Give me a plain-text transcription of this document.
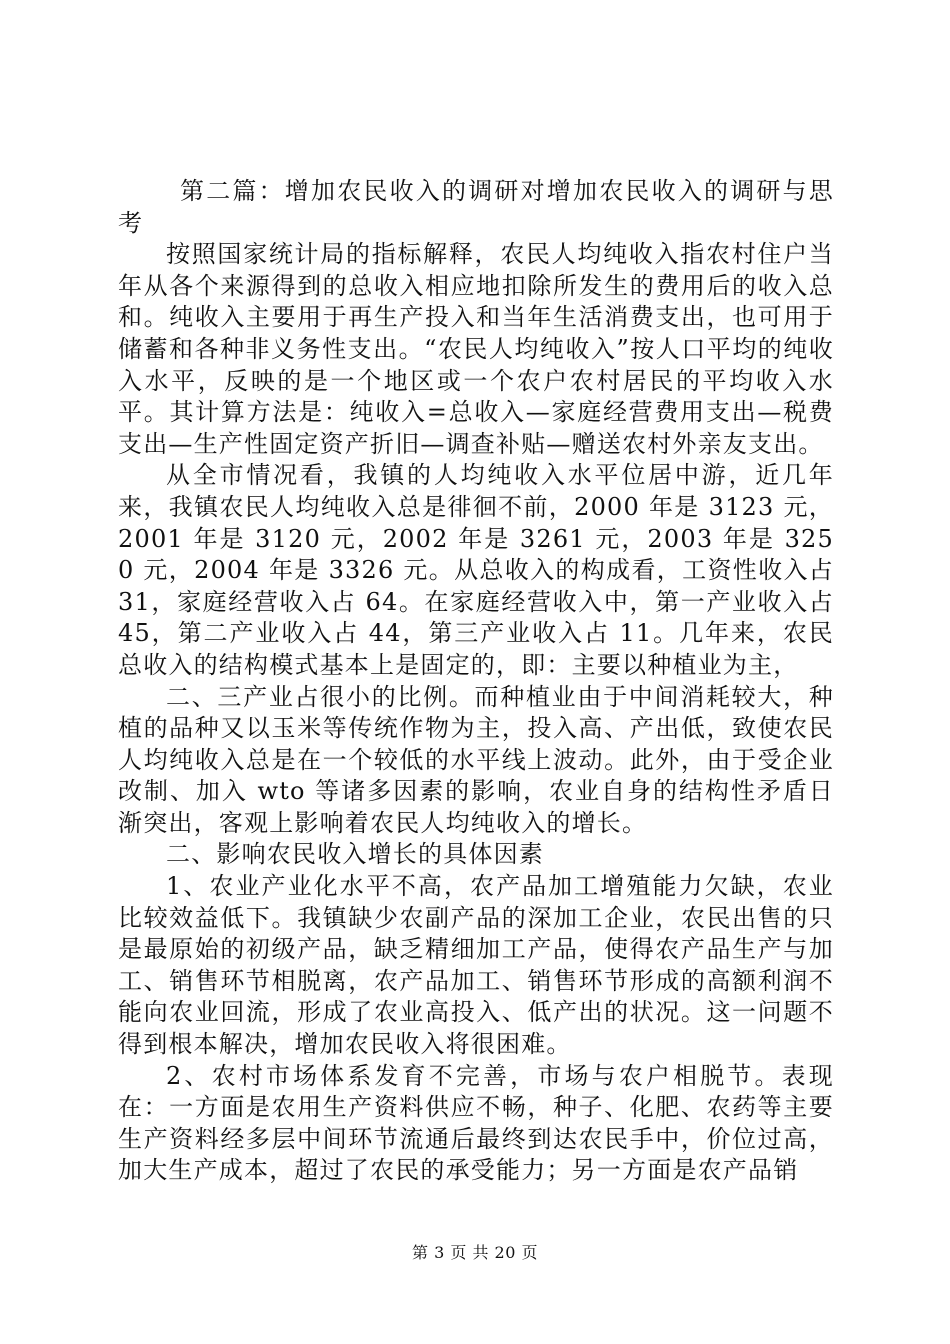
第二篇：增加农民收入的调研对增加农民收入的调研与思考

按照国家统计局的指标解释，农民人均纯收入指农村住户当年从各个来源得到的总收入相应地扣除所发生的费用后的收入总和。纯收入主要用于再生产投入和当年生活消费支出，也可用于储蓄和各种非义务性支出。“农民人均纯收入”按人口平均的纯收入水平，反映的是一个地区或一个农户农村居民的平均收入水平。其计算方法是：纯收入=总收入—家庭经营费用支出—税费支出—生产性固定资产折旧—调查补贴—赠送农村外亲友支出。

从全市情况看，我镇的人均纯收入水平位居中游，近几年来，我镇农民人均纯收入总是徘徊不前，2000 年是 3123 元，2001 年是 3120 元，2002 年是 3261 元，2003 年是 3250 元，2004 年是 3326 元。从总收入的构成看，工资性收入占 31，家庭经营收入占 64。在家庭经营收入中，第一产业收入占 45，第二产业收入占 44，第三产业收入占 11。几年来，农民总收入的结构模式基本上是固定的，即：主要以种植业为主，

二、三产业占很小的比例。而种植业由于中间消耗较大，种植的品种又以玉米等传统作物为主，投入高、产出低，致使农民人均纯收入总是在一个较低的水平线上波动。此外，由于受企业改制、加入 wto 等诸多因素的影响，农业自身的结构性矛盾日渐突出，客观上影响着农民人均纯收入的增长。

二、影响农民收入增长的具体因素

1、农业产业化水平不高，农产品加工增殖能力欠缺，农业比较效益低下。我镇缺少农副产品的深加工企业，农民出售的只是最原始的初级产品，缺乏精细加工产品，使得农产品生产与加工、销售环节相脱离，农产品加工、销售环节形成的高额利润不能向农业回流，形成了农业高投入、低产出的状况。这一问题不得到根本解决，增加农民收入将很困难。

2、农村市场体系发育不完善，市场与农户相脱节。表现在：一方面是农用生产资料供应不畅，种子、化肥、农药等主要生产资料经多层中间环节流通后最终到达农民手中，价位过高，加大生产成本，超过了农民的承受能力；另一方面是农产品销

第 3 页 共 20 页
